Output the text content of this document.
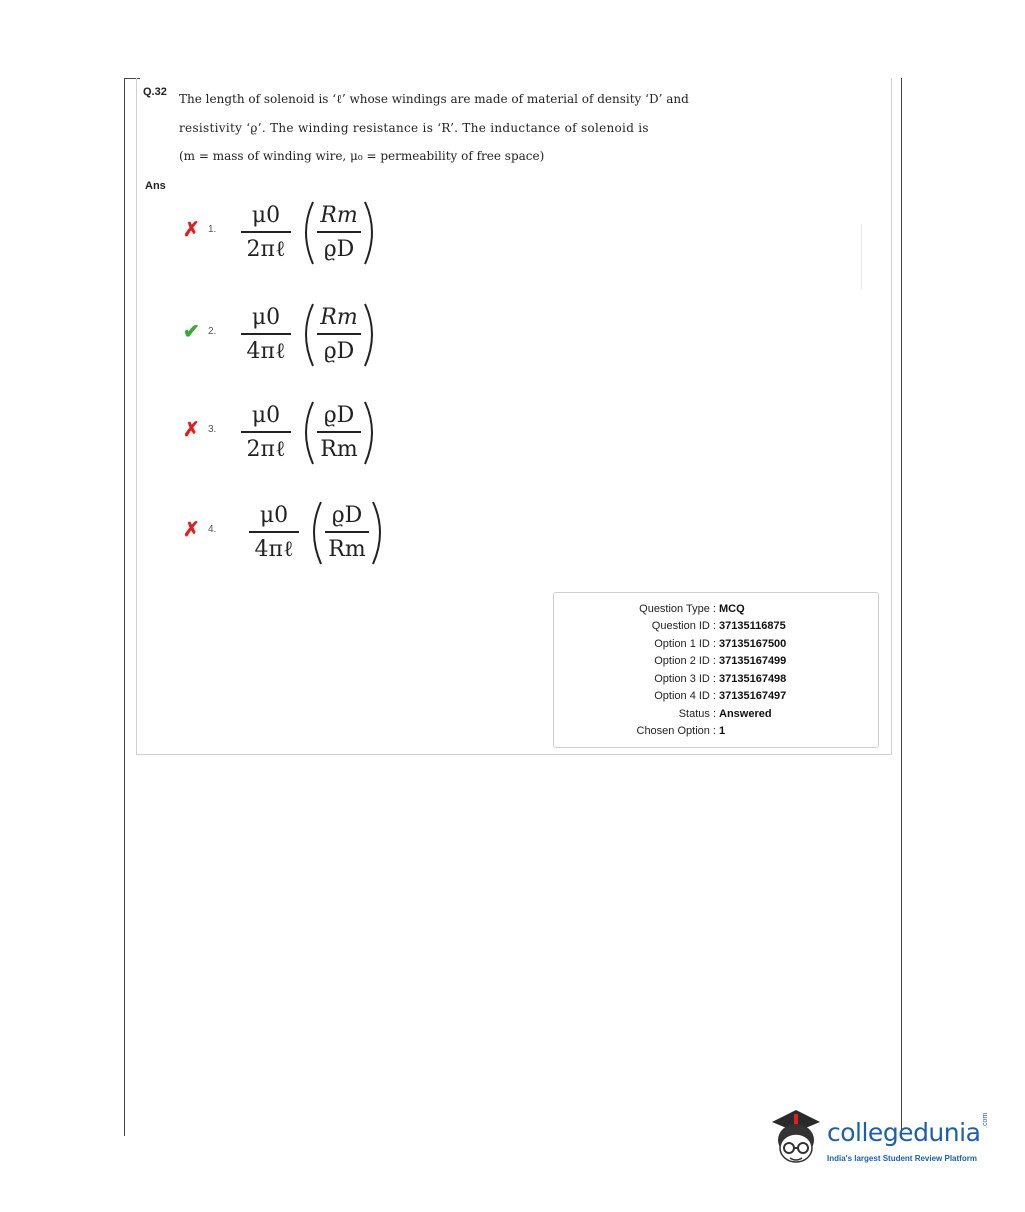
Q.32 The length of solenoid is ‘ℓ’ whose windings are made of material of density ‘D’ and
resistivity ‘ϱ’. The winding resistance is ‘R’. The inductance of solenoid is
(m = mass of winding wire, μ₀ = permeability of free space)
Ans
✗ 1.
μ0
2πℓ
Rm
ϱD
✔ 2.
μ0
4πℓ
Rm
ϱD
✗ 3.
μ0
2πℓ
ϱD
Rm
✗ 4.
μ0
4πℓ
ϱD
Rm
Question Type : MCQ
Question ID : 37135116875
Option 1 ID : 37135167500
Option 2 ID : 37135167499
Option 3 ID : 37135167498
Option 4 ID : 37135167497
Status : Answered
Chosen Option : 1
collegedunia .com
India's largest Student Review Platform
